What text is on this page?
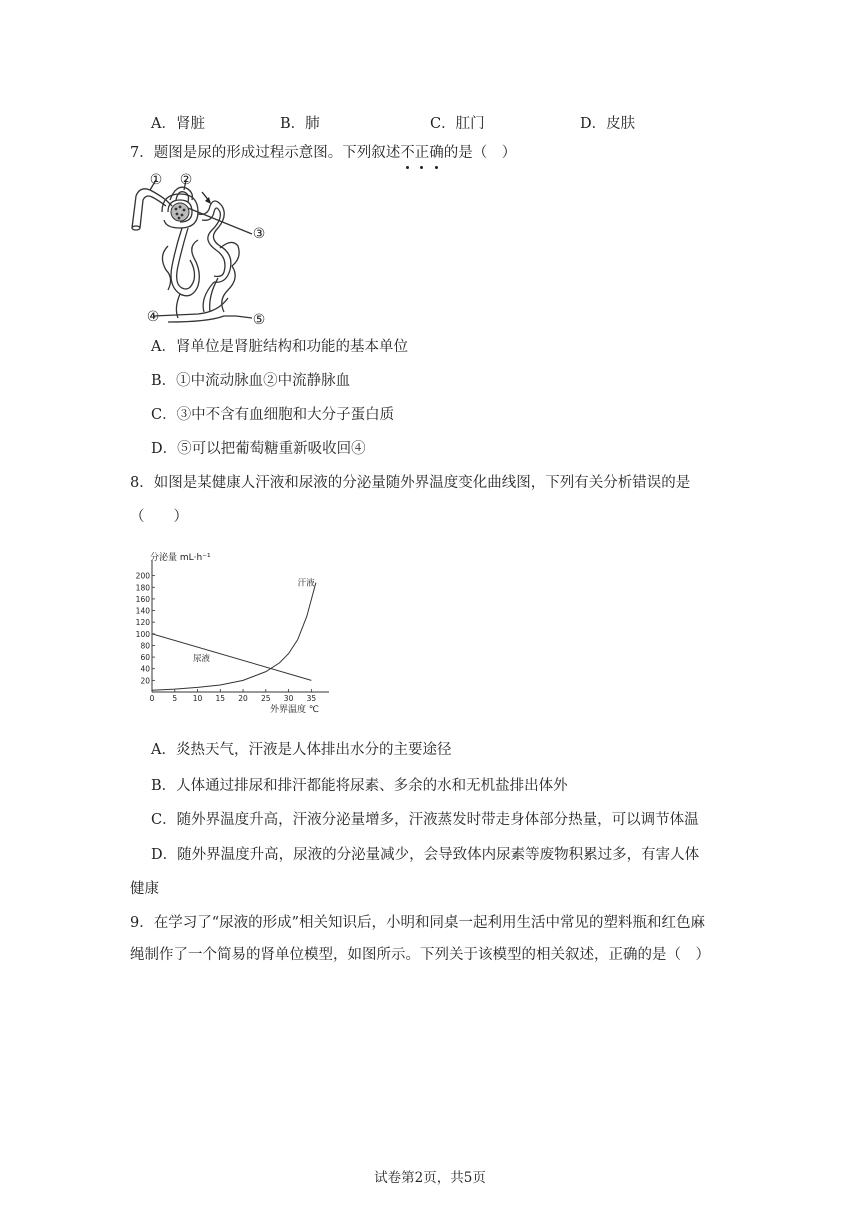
A．肾脏	B．肺	C．肛门	D．皮肤
7．题图是尿的形成过程示意图。下列叙述不
正
确
的是（　）
① ②
③
④	⑤
A．肾单位是肾脏结构和功能的基本单位
B．①中流动脉血②中流静脉血
C．③中不含有血细胞和大分子蛋白质
D．⑤可以把葡萄糖重新吸收回④
8．如图是某健康人汗液和尿液的分泌量随外界温度变化曲线图，下列有关分析错误的是
（　　）
分泌量 mL·h⁻¹
外界温度 ℃
20
40
60
80
100
120
140
160
180
200
0 5 10 15 20 25 30 35
尿液
汗液
A．炎热天气，汗液是人体排出水分的主要途径
B．人体通过排尿和排汗都能将尿素、多余的水和无机盐排出体外
C．随外界温度升高，汗液分泌量增多，汗液蒸发时带走身体部分热量，可以调节体温
D．随外界温度升高，尿液的分泌量减少，会导致体内尿素等废物积累过多，有害人体
健康
9．在学习了“尿液的形成”相关知识后，小明和同桌一起利用生活中常见的塑料瓶和红色麻
绳制作了一个简易的肾单位模型，如图所示。下列关于该模型的相关叙述，正确的是（　）
试卷第2页，共5页
